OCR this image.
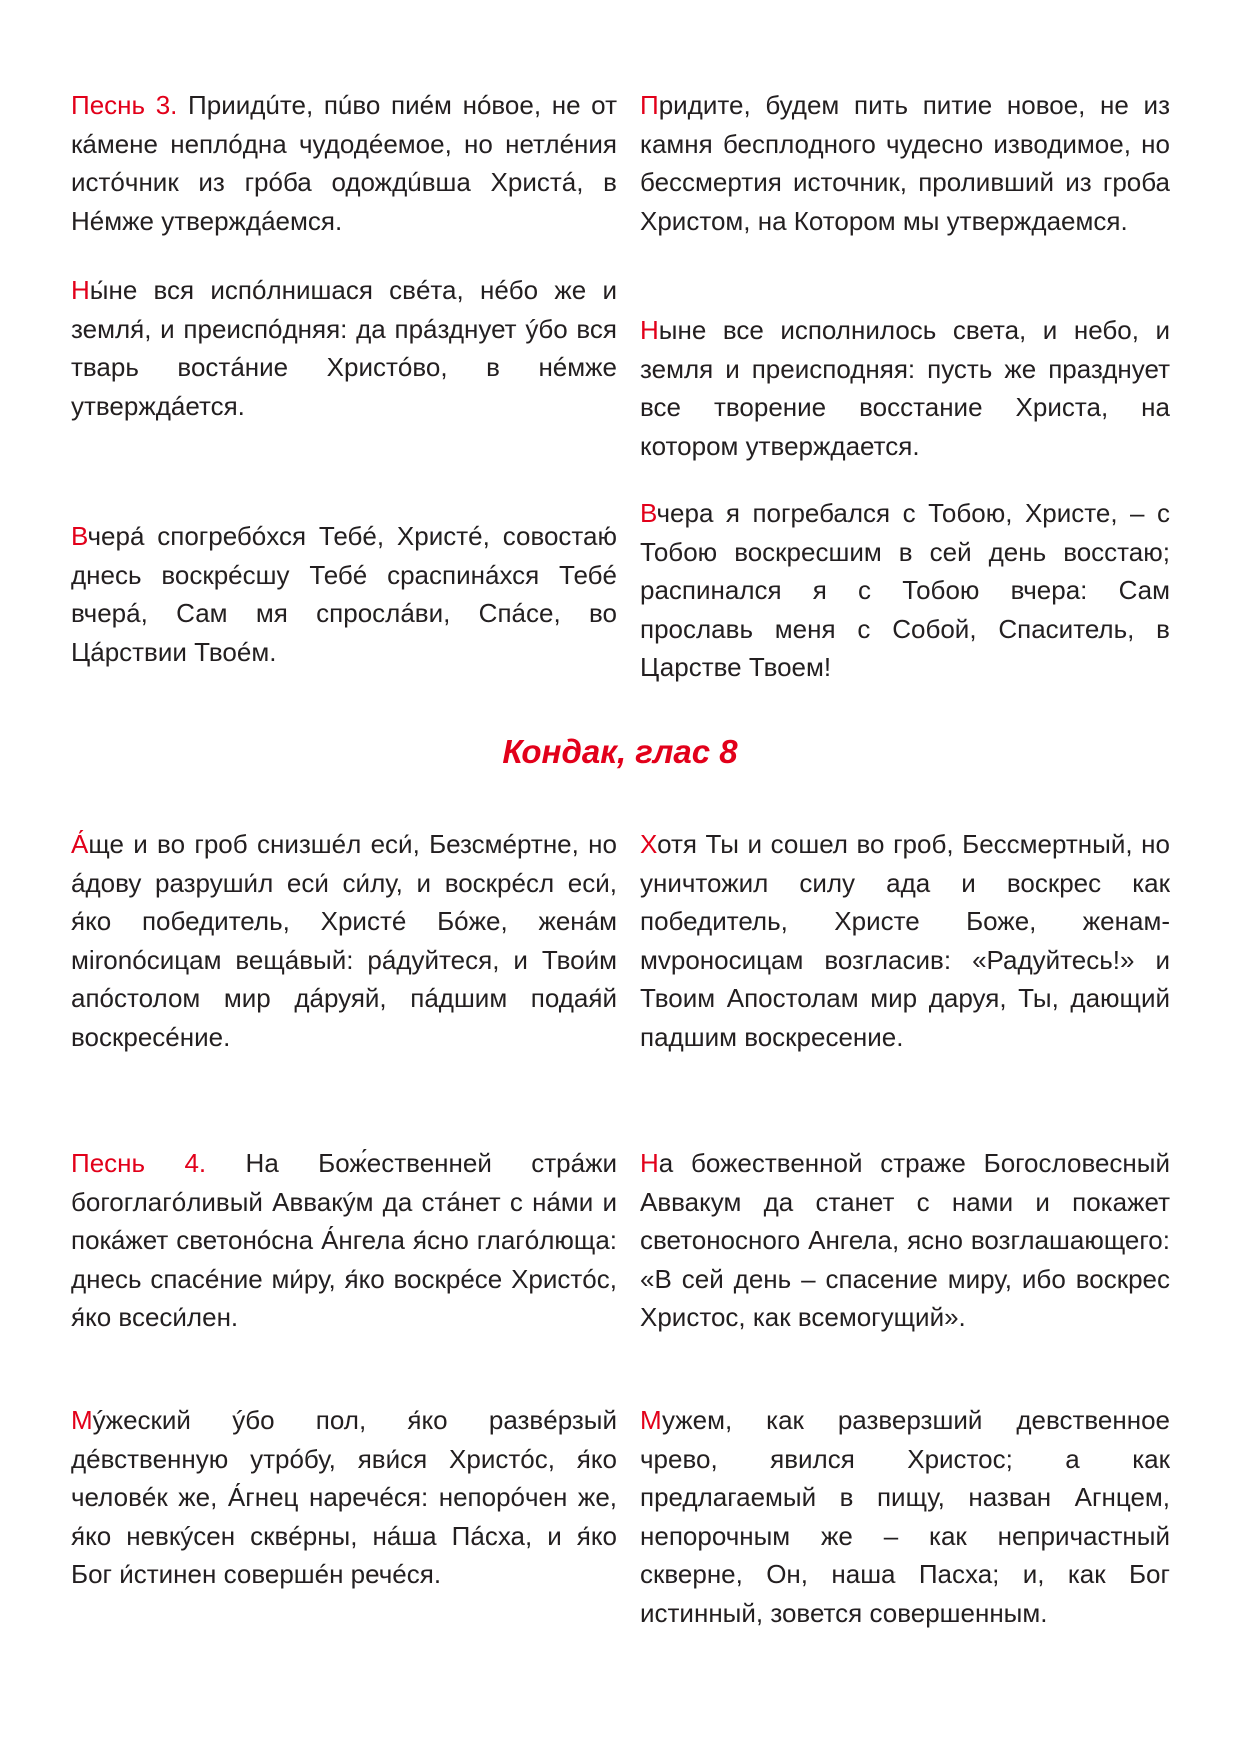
Песнь 3. Приидúте, пúво пиéм нóвое, не от кáмене неплóдна чудодéемое, но нетлéния истóчник из грóба одождúвша Христá, в Нéмже утверждáемся.

Придите, будем пить питие новое, не из камня бесплодного чудесно изводимое, но бессмертия источник, проливший из гроба Христом, на Котором мы утверждаемся.

Ны́не вся испóлнишася свéта, нéбо же и земля́, и преиспóдняя: да прáзднует ýбо вся тварь востáние Христóво, в нéмже утверждáется.

Ныне все исполнилось света, и небо, и земля и преисподняя: пусть же празднует все творение восстание Христа, на котором утверждается.

Вчера́ спогребóхся Тебé, Христé, совостаю́ днесь воскрéсшу Тебé сраспинáхся Тебé вчерá, Сам мя спрослáви, Спáсе, во Цáрствии Твоéм.

Вчера я погребался с Тобою, Христе, – с Тобою воскресшим в сей день восстаю; распинался я с Тобою вчера: Сам прославь меня с Собой, Спаситель, в Царстве Твоем!

Кондак, глас 8

А́ще и во гроб снизшéл еси́, Безсмéртне, но áдову разруши́л еси́ си́лу, и воскрéсл еси́, я́ко победитель, Христé Бóже, женáм мironóсицам вещáвый: рáдуйтеся, и Твои́м апóстолом мир дáруяй, пáдшим подая́й воскресéние.

Хотя Ты и сошел во гроб, Бессмертный, но уничтожил силу ада и воскрес как победитель, Христе Боже, женам-мvроносицам возгласив: «Радуйтесь!» и Твоим Апостолам мир даруя, Ты, дающий падшим воскресение.

Песнь 4. На Бож́ественней стрáжи богоглагóливый Аввакýм да стáнет с нáми и покáжет светонóсна А́нгела я́сно глагóлюща: днесь спасéние ми́ру, я́ко воскрéсе Христóс, я́ко всеси́лен.

На божественной страже Богословесный Аввакум да станет с нами и покажет светоносного Ангела, ясно возглашающего: «В сей день – спасение миру, ибо воскрес Христос, как всемогущий».

Мýжеский ýбо пол, я́ко развéрзый дéвственную утрóбу, яви́ся Христóс, я́ко человéк же, А́гнец наречéся: непорóчен же, я́ко невкýсен сквéрны, нáша Пáсха, и я́ко Бог и́стинен совершéн речéся.

Мужем, как разверзший девственное чрево, явился Христос; а как предлагаемый в пищу, назван Агнцем, непорочным же – как непричастный скверне, Он, наша Пасха; и, как Бог истинный, зовется совершенным.
